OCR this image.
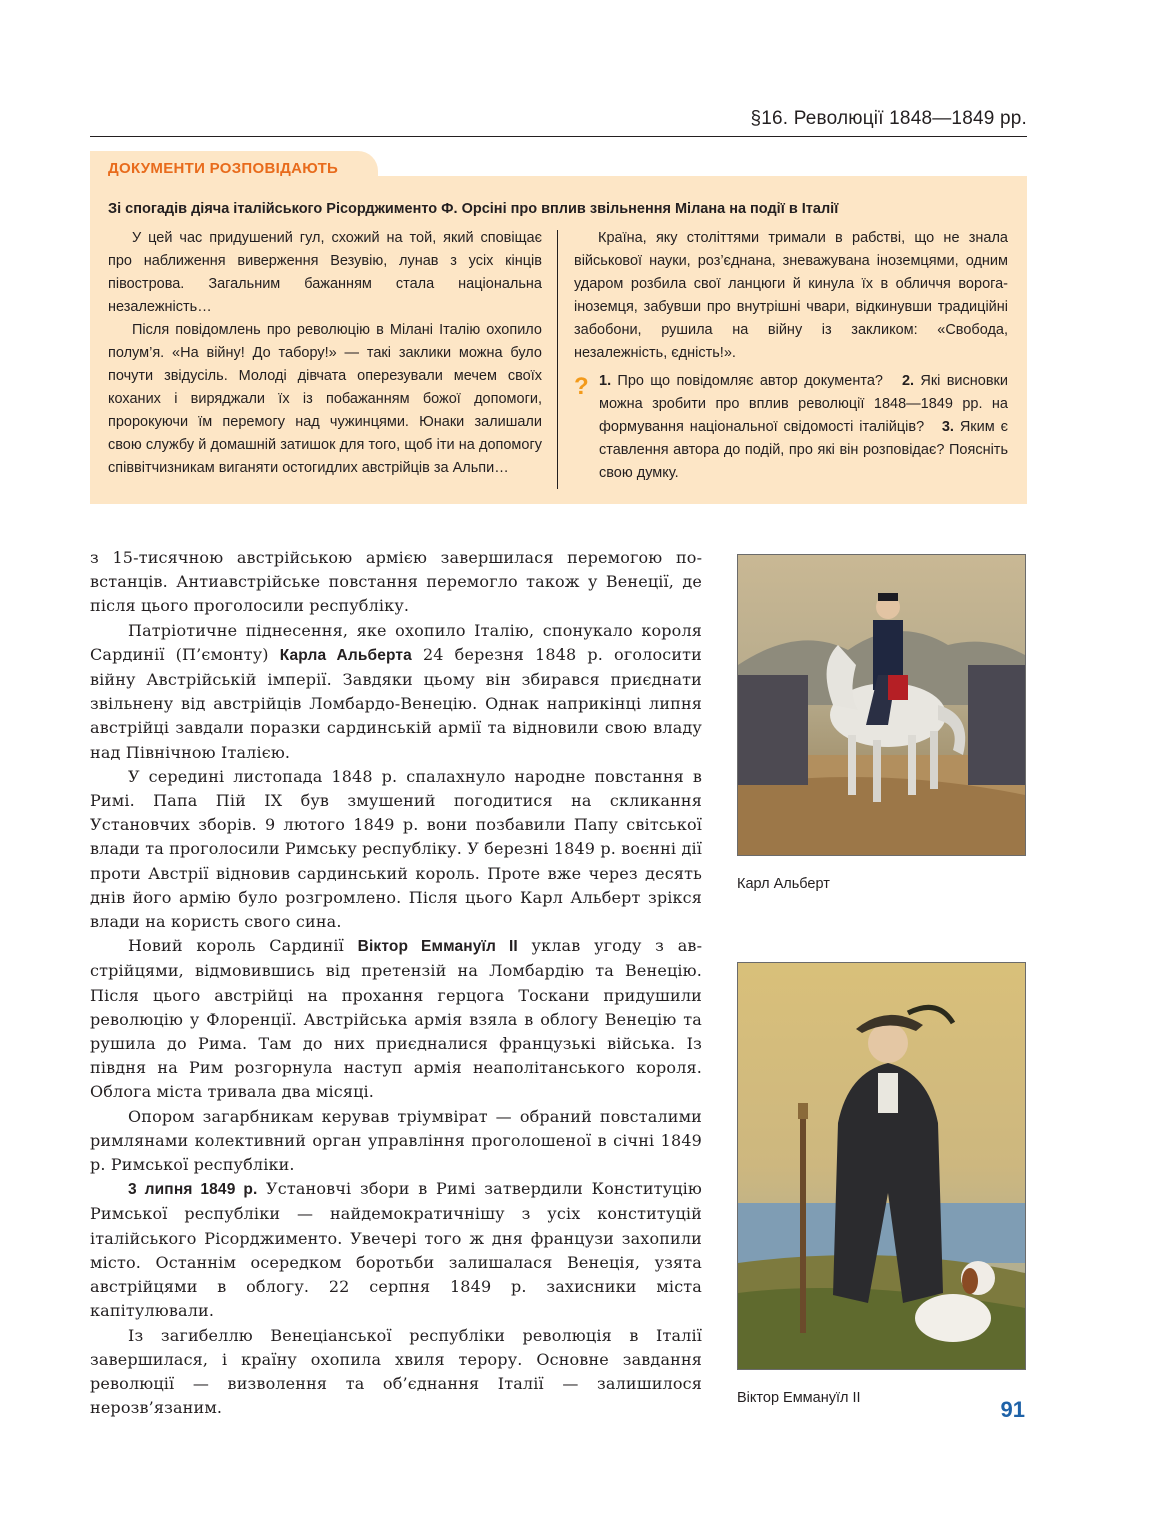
§16. Революції 1848—1849 рр.
ДОКУМЕНТИ РОЗПОВІДАЮТЬ
Зі спогадів діяча італійського Рісорджименто Ф. Орсіні про вплив звільнення Мілана на події в Італії

У цей час придушений гул, схожий на той, який сповіщає про наближення виверження Везувію, лунав з усіх кінців півострова. Загальним бажанням стала національна незалежність…

Після повідомлень про революцію в Мілані Італію охопило полум’я. «На війну! До табору!» — такі заклики можна було почути звідусіль. Молоді дівчата оперезували мечем своїх коханих і виряджали їх із побажанням божої допомоги, пророкуючи їм перемогу над чужинцями. Юнаки залишали свою службу й домашній затишок для того, щоб іти на допомогу співвітчизникам виганяти остогидлих австрійців за Альпи…

Країна, яку століттями тримали в рабстві, що не знала військової науки, роз’єднана, зневажувана іноземцями, одним ударом розбила свої ланцюги й кинула їх в обличчя ворога-іноземця, забувши про внутрішні чвари, відкинувши традиційні забобони, рушила на війну із закликом: «Свобода, незалежність, єдність!».

? 1. Про що повідомляє автор документа? 2. Які висновки можна зробити про вплив революції 1848—1849 рр. на формування національної свідомості італійців? 3. Яким є ставлення автора до подій, про які він розповідає? Поясніть свою думку.

з 15-тисячною австрійською армією завершилася перемогою повстанців. Антиавстрійське повстання перемогло також у Венеції, де після цього проголосили республіку.

Патріотичне піднесення, яке охопило Італію, спонукало короля Сардинії (П’ємонту) Карла Альберта 24 березня 1848 р. оголосити війну Австрійській імперії. Завдяки цьому він збирався приєднати звільнену від австрійців Ломбардо-Венецію. Однак наприкінці липня австрійці завдали поразки сардинській армії та відновили свою владу над Північною Італією.

У середині листопада 1848 р. спалахнуло народне повстання в Римі. Папа Пій IX був змушений погодитися на скликання Установчих зборів. 9 лютого 1849 р. вони позбавили Папу світської влади та проголосили Римську республіку. У березні 1849 р. воєнні дії проти Австрії відновив сардинський король. Проте вже через десять днів його армію було розгромлено. Після цього Карл Альберт зрікся влади на користь свого сина.

Новий король Сардинії Віктор Еммануїл ІІ уклав угоду з австрійцями, відмовившись від претензій на Ломбардію та Венецію. Після цього австрійці на прохання герцога Тоскани придушили революцію у Флоренції. Австрійська армія взяла в облогу Венецію та рушила до Рима. Там до них приєдналися французькі війська. Із півдня на Рим розгорнула наступ армія неаполітанського короля. Облога міста тривала два місяці.

Опором загарбникам керував тріумвірат — обраний повсталими римлянами колективний орган управління проголошеної в січні 1849 р. Римської республіки.

3 липня 1849 р. Установчі збори в Римі затвердили Конституцію Римської республіки — найдемократичнішу з усіх конституцій італійського Рісорджименто. Увечері того ж дня французи захопили місто. Останнім осередком боротьби залишалася Венеція, узята австрійцями в облогу. 22 серпня 1849 р. захисники міста капітулювали.

Із загибеллю Венеціанської республіки революція в Італії завершилася, і країну охопила хвиля терору. Основне завдання революції — визволення та об’єднання Італії — залишилося нерозв’язаним.

Карл Альберт
Віктор Еммануїл ІІ	91
